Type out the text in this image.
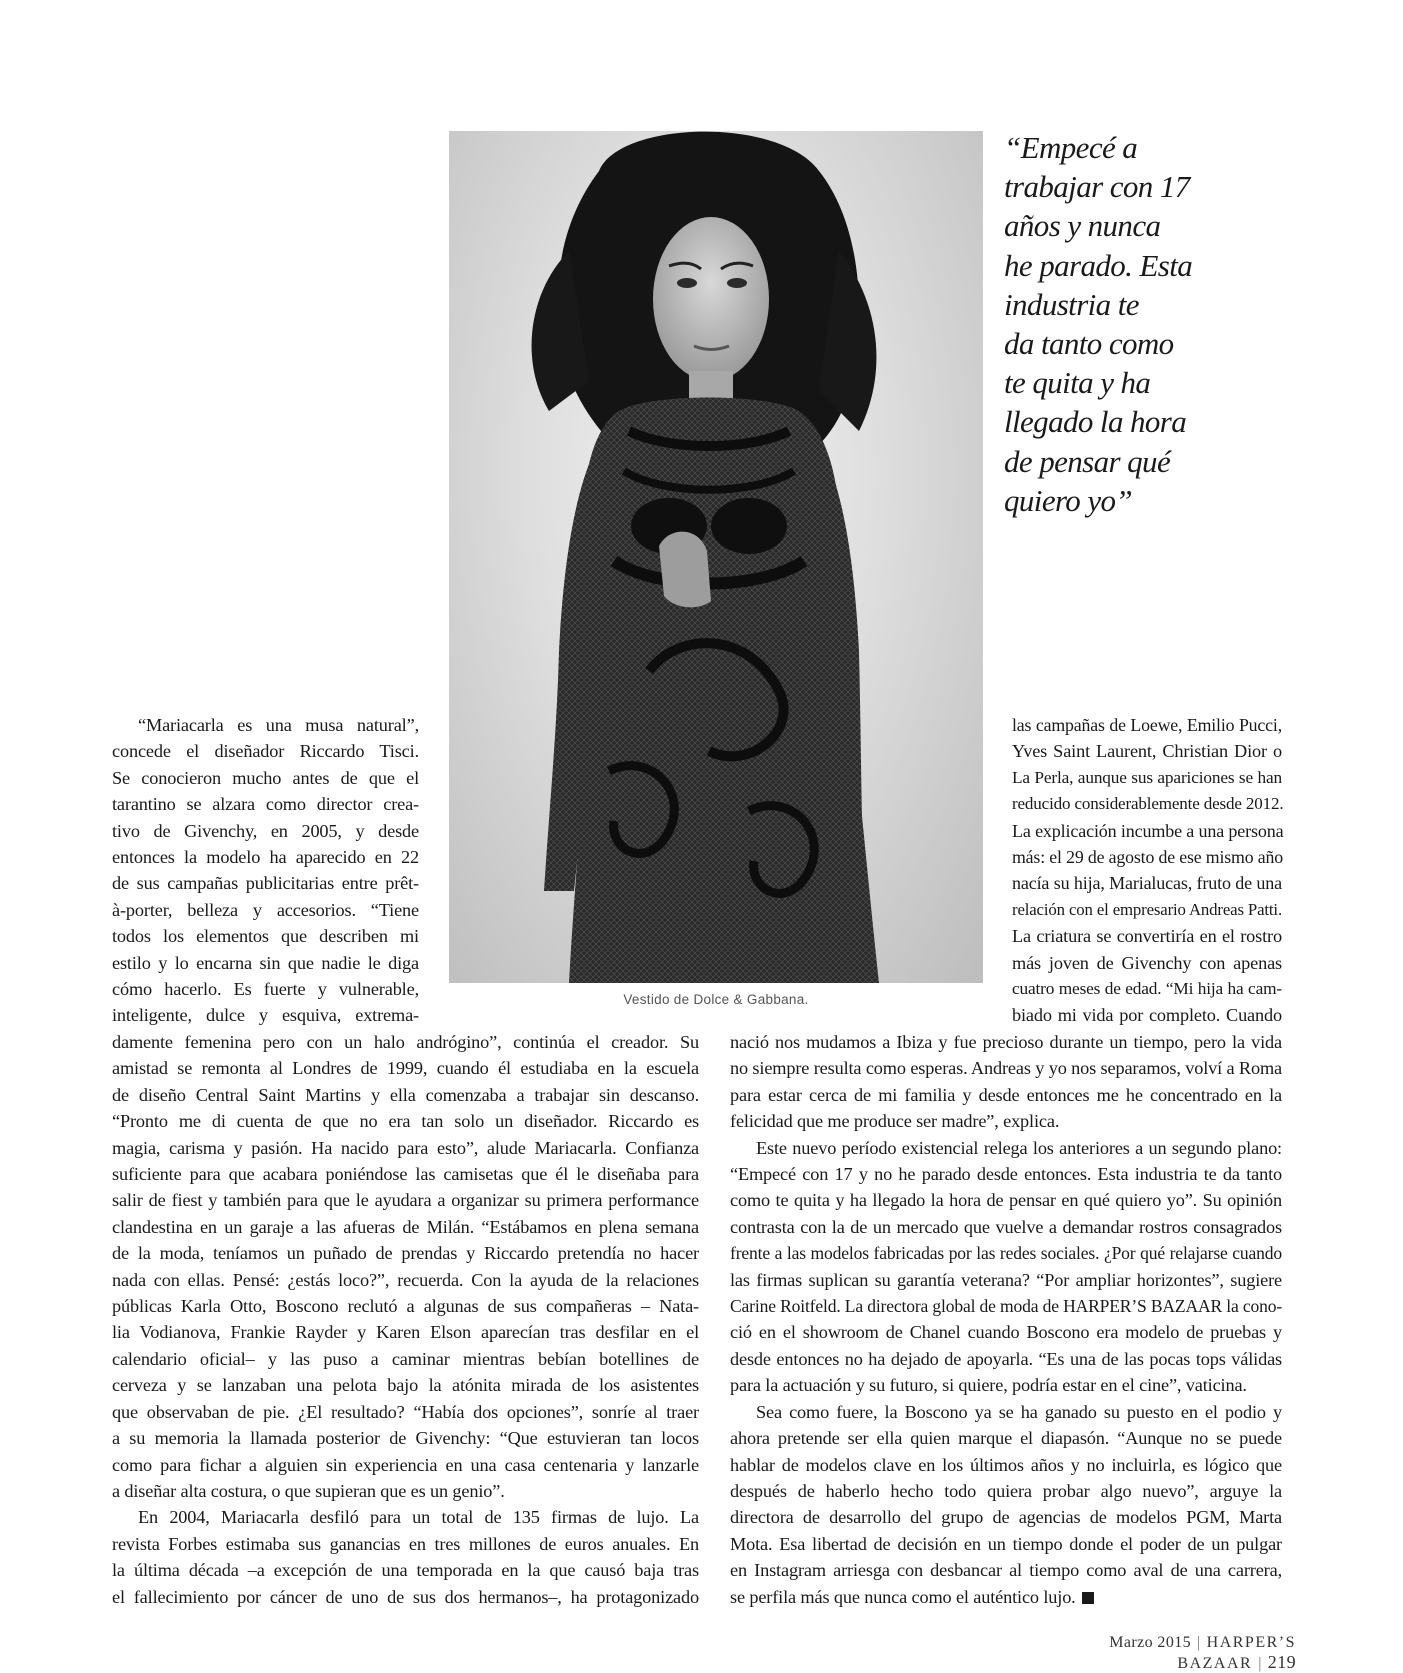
Vestido de Dolce & Gabbana.
“Empecé a
trabajar con 17
años y nunca
he parado. Esta
industria te
da tanto como
te quita y ha
llegado la hora
de pensar qué
quiero yo”
“Mariacarla es una musa natural”,
concede el diseñador Riccardo Tisci.
Se conocieron mucho antes de que el
tarantino se alzara como director crea-
tivo de Givenchy, en 2005, y desde
entonces la modelo ha aparecido en 22
de sus campañas publicitarias entre prêt-
à-porter, belleza y accesorios. “Tiene
todos los elementos que describen mi
estilo y lo encarna sin que nadie le diga
cómo hacerlo. Es fuerte y vulnerable,
inteligente, dulce y esquiva, extrema-
las campañas de Loewe, Emilio Pucci,
Yves Saint Laurent, Christian Dior o
La Perla, aunque sus apariciones se han
reducido considerablemente desde 2012.
La explicación incumbe a una persona
más: el 29 de agosto de ese mismo año
nacía su hija, Marialucas, fruto de una
relación con el empresario Andreas Patti.
La criatura se convertiría en el rostro
más joven de Givenchy con apenas
cuatro meses de edad. “Mi hija ha cam-
biado mi vida por completo. Cuando
damente femenina pero con un halo andrógino”, continúa el creador. Su
amistad se remonta al Londres de 1999, cuando él estudiaba en la escuela
de diseño Central Saint Martins y ella comenzaba a trabajar sin descanso.
“Pronto me di cuenta de que no era tan solo un diseñador. Riccardo es
magia, carisma y pasión. Ha nacido para esto”, alude Mariacarla. Confianza
suficiente para que acabara poniéndose las camisetas que él le diseñaba para
salir de fiest y también para que le ayudara a organizar su primera performance
clandestina en un garaje a las afueras de Milán. “Estábamos en plena semana
de la moda, teníamos un puñado de prendas y Riccardo pretendía no hacer
nada con ellas. Pensé: ¿estás loco?”, recuerda. Con la ayuda de la relaciones
públicas Karla Otto, Boscono reclutó a algunas de sus compañeras – Nata-
lia Vodianova, Frankie Rayder y Karen Elson aparecían tras desfilar en el
calendario oficial– y las puso a caminar mientras bebían botellines de
cerveza y se lanzaban una pelota bajo la atónita mirada de los asistentes
que observaban de pie. ¿El resultado? “Había dos opciones”, sonríe al traer
a su memoria la llamada posterior de Givenchy: “Que estuvieran tan locos
como para fichar a alguien sin experiencia en una casa centenaria y lanzarle
a diseñar alta costura, o que supieran que es un genio”.
En 2004, Mariacarla desfiló para un total de 135 firmas de lujo. La
revista Forbes estimaba sus ganancias en tres millones de euros anuales. En
la última década –a excepción de una temporada en la que causó baja tras
el fallecimiento por cáncer de uno de sus dos hermanos–, ha protagonizado
nació nos mudamos a Ibiza y fue precioso durante un tiempo, pero la vida
no siempre resulta como esperas. Andreas y yo nos separamos, volví a Roma
para estar cerca de mi familia y desde entonces me he concentrado en la
felicidad que me produce ser madre”, explica.
Este nuevo período existencial relega los anteriores a un segundo plano:
“Empecé con 17 y no he parado desde entonces. Esta industria te da tanto
como te quita y ha llegado la hora de pensar en qué quiero yo”. Su opinión
contrasta con la de un mercado que vuelve a demandar rostros consagrados
frente a las modelos fabricadas por las redes sociales. ¿Por qué relajarse cuando
las firmas suplican su garantía veterana? “Por ampliar horizontes”, sugiere
Carine Roitfeld. La directora global de moda de HARPER’S BAZAAR la cono-
ció en el showroom de Chanel cuando Boscono era modelo de pruebas y
desde entonces no ha dejado de apoyarla. “Es una de las pocas tops válidas
para la actuación y su futuro, si quiere, podría estar en el cine”, vaticina.
Sea como fuere, la Boscono ya se ha ganado su puesto en el podio y
ahora pretende ser ella quien marque el diapasón. “Aunque no se puede
hablar de modelos clave en los últimos años y no incluirla, es lógico que
después de haberlo hecho todo quiera probar algo nuevo”, arguye la
directora de desarrollo del grupo de agencias de modelos PGM, Marta
Mota. Esa libertad de decisión en un tiempo donde el poder de un pulgar
en Instagram arriesga con desbancar al tiempo como aval de una carrera,
se perfila más que nunca como el auténtico lujo.
Marzo 2015 | HARPER’S BAZAAR | 219
